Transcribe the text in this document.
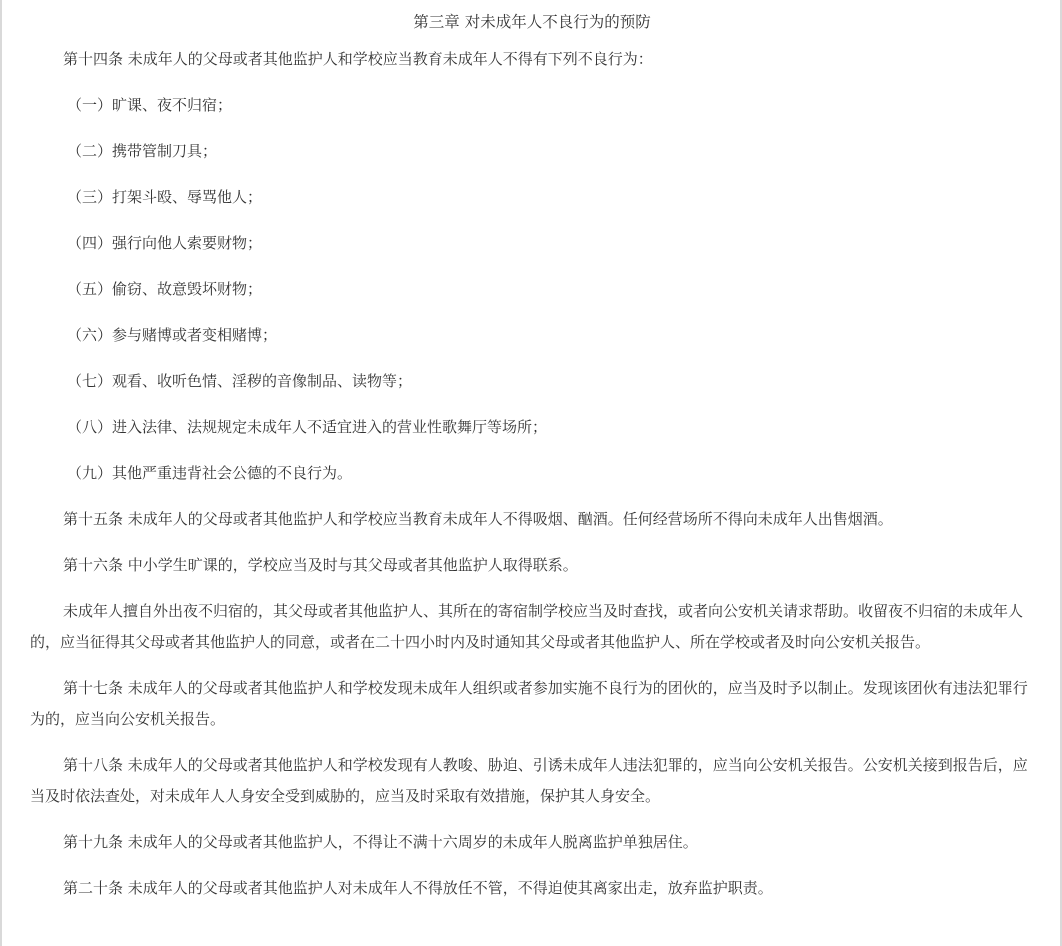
第三章 对未成年人不良行为的预防

第十四条 未成年人的父母或者其他监护人和学校应当教育未成年人不得有下列不良行为：

（一）旷课、夜不归宿；

（二）携带管制刀具；

（三）打架斗殴、辱骂他人；

（四）强行向他人索要财物；

（五）偷窃、故意毁坏财物；

（六）参与赌博或者变相赌博；

（七）观看、收听色情、淫秽的音像制品、读物等；

（八）进入法律、法规规定未成年人不适宜进入的营业性歌舞厅等场所；

（九）其他严重违背社会公德的不良行为。

第十五条 未成年人的父母或者其他监护人和学校应当教育未成年人不得吸烟、酗酒。任何经营场所不得向未成年人出售烟酒。

第十六条 中小学生旷课的，学校应当及时与其父母或者其他监护人取得联系。

未成年人擅自外出夜不归宿的，其父母或者其他监护人、其所在的寄宿制学校应当及时查找，或者向公安机关请求帮助。收留夜不归宿的未成年人的，应当征得其父母或者其他监护人的同意，或者在二十四小时内及时通知其父母或者其他监护人、所在学校或者及时向公安机关报告。

第十七条 未成年人的父母或者其他监护人和学校发现未成年人组织或者参加实施不良行为的团伙的，应当及时予以制止。发现该团伙有违法犯罪行为的，应当向公安机关报告。

第十八条 未成年人的父母或者其他监护人和学校发现有人教唆、胁迫、引诱未成年人违法犯罪的，应当向公安机关报告。公安机关接到报告后，应当及时依法查处，对未成年人人身安全受到威胁的，应当及时采取有效措施，保护其人身安全。

第十九条 未成年人的父母或者其他监护人，不得让不满十六周岁的未成年人脱离监护单独居住。

第二十条 未成年人的父母或者其他监护人对未成年人不得放任不管，不得迫使其离家出走，放弃监护职责。
